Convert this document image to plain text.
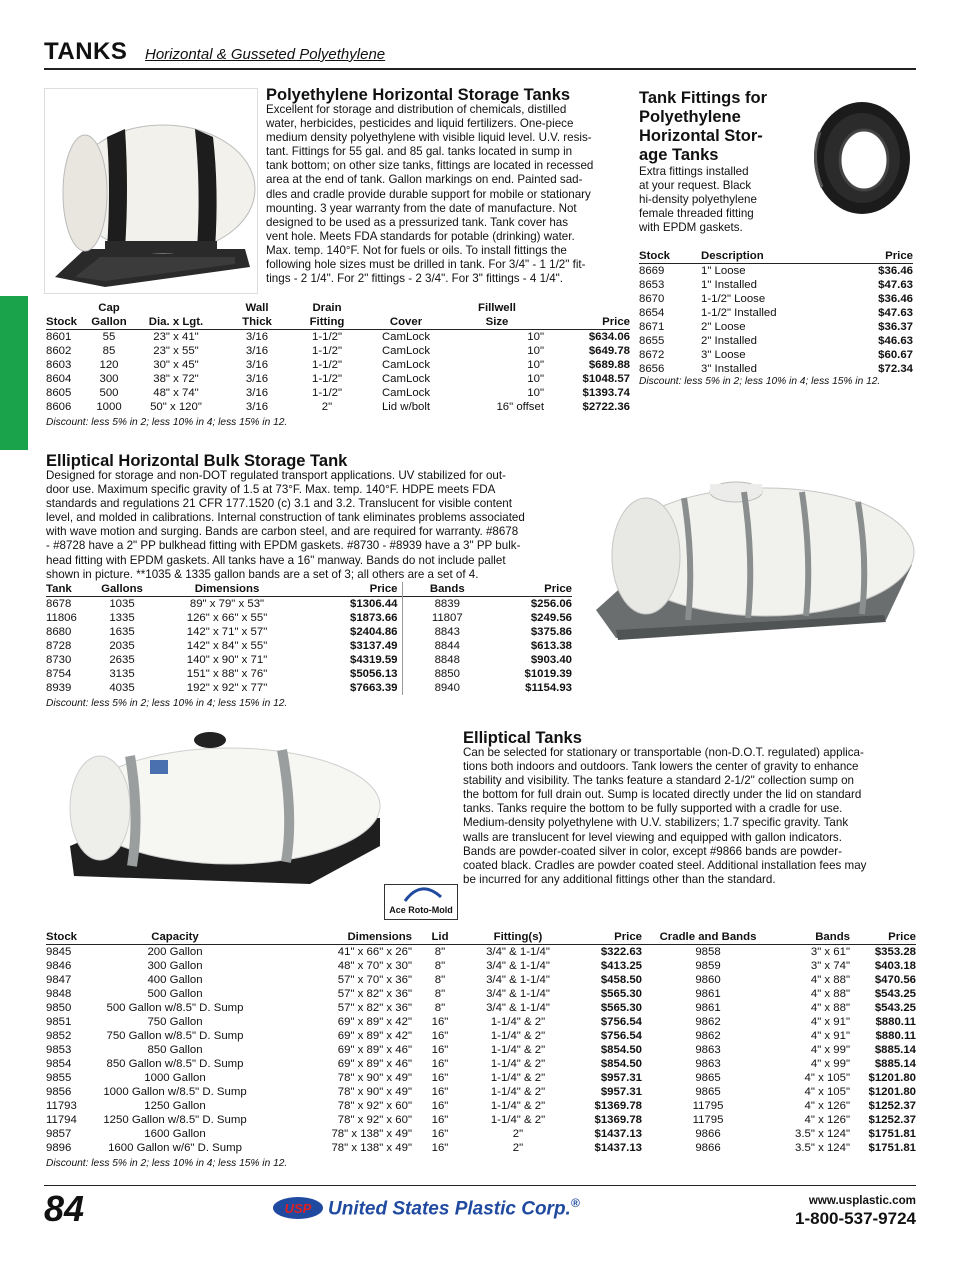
TANKS Horizontal & Gusseted Polyethylene
Polyethylene Horizontal Storage Tanks
Excellent for storage and distribution of chemicals, distilled
water, herbicides, pesticides and liquid fertilizers. One-piece
medium density polyethylene with visible liquid level. U.V. resis-
tant. Fittings for 55 gal. and 85 gal. tanks located in sump in
tank bottom; on other size tanks, fittings are located in recessed
area at the end of tank. Gallon markings on end. Painted sad-
dles and cradle provide durable support for mobile or stationary
mounting. 3 year warranty from the date of manufacture. Not
designed to be used as a pressurized tank. Tank cover has
vent hole. Meets FDA standards for potable (drinking) water.
Max. temp. 140°F. Not for fuels or oils. To install fittings the
following hole sizes must be drilled in tank. For 3/4" - 1 1/2" fit-
tings - 2 1/4". For 2" fittings - 2 3/4". For 3" fittings - 4 1/4".
	Cap		Wall	Drain		Fillwell	
Stock	Gallon	Dia. x Lgt.	Thick	Fitting	Cover	Size	Price
8601	55	23" x 41"	3/16	1-1/2"	CamLock	10"	$634.06
8602	85	23" x 55"	3/16	1-1/2"	CamLock	10"	$649.78
8603	120	30" x 45"	3/16	1-1/2"	CamLock	10"	$689.88
8604	300	38" x 72"	3/16	1-1/2"	CamLock	10"	$1048.57
8605	500	48" x 74"	3/16	1-1/2"	CamLock	10"	$1393.74
8606	1000	50" x 120"	3/16	2"	Lid w/bolt	16" offset	$2722.36
Discount: less 5% in 2; less 10% in 4; less 15% in 12.
Tank Fittings for
Polyethylene
Horizontal Stor-
age Tanks
Extra fittings installed
at your request. Black
hi-density polyethylene
female threaded fitting
with EPDM gaskets.
Stock	Description	Price
8669	1" Loose	$36.46
8653	1" Installed	$47.63
8670	1-1/2" Loose	$36.46
8654	1-1/2" Installed	$47.63
8671	2" Loose	$36.37
8655	2" Installed	$46.63
8672	3" Loose	$60.67
8656	3" Installed	$72.34
Discount: less 5% in 2; less 10% in 4; less 15% in 12.
Elliptical Horizontal Bulk Storage Tank
Designed for storage and non-DOT regulated transport applications. UV stabilized for out-
door use. Maximum specific gravity of 1.5 at 73°F. Max. temp. 140°F. HDPE meets FDA
standards and regulations 21 CFR 177.1520 (c) 3.1 and 3.2. Translucent for visible content
level, and molded in calibrations. Internal construction of tank eliminates problems associated
with wave motion and surging. Bands are carbon steel, and are required for warranty. #8678
- #8728 have a 2" PP bulkhead fitting with EPDM gaskets. #8730 - #8939 have a 3" PP bulk-
head fitting with EPDM gaskets. All tanks have a 16" manway. Bands do not include pallet
shown in picture. **1035 & 1335 gallon bands are a set of 3; all others are a set of 4.
Tank	Gallons	Dimensions	Price	Bands	Price
8678	1035	89" x 79" x 53"	$1306.44	8839	$256.06
11806	1335	126" x 66" x 55"	$1873.66	11807	$249.56
8680	1635	142" x 71" x 57"	$2404.86	8843	$375.86
8728	2035	142" x 84" x 55"	$3137.49	8844	$613.38
8730	2635	140" x 90" x 71"	$4319.59	8848	$903.40
8754	3135	151" x 88" x 76"	$5056.13	8850	$1019.39
8939	4035	192" x 92" x 77"	$7663.39	8940	$1154.93
Discount: less 5% in 2; less 10% in 4; less 15% in 12.
Ace Roto-Mold
Elliptical Tanks
Can be selected for stationary or transportable (non-D.O.T. regulated) applica-
tions both indoors and outdoors. Tank lowers the center of gravity to enhance
stability and visibility. The tanks feature a standard 2-1/2" collection sump on
the bottom for full drain out. Sump is located directly under the lid on standard
tanks. Tanks require the bottom to be fully supported with a cradle for use.
Medium-density polyethylene with U.V. stabilizers; 1.7 specific gravity. Tank
walls are translucent for level viewing and equipped with gallon indicators.
Bands are powder-coated silver in color, except #9866 bands are powder-
coated black. Cradles are powder coated steel. Additional installation fees may
be incurred for any additional fittings other than the standard.
Stock	Capacity	Dimensions	Lid	Fitting(s)	Price	Cradle and Bands	Bands	Price
9845	200 Gallon	41" x 66" x 26"	8"	3/4" & 1-1/4"	$322.63	9858	3" x 61"	$353.28
9846	300 Gallon	48" x 70" x 30"	8"	3/4" & 1-1/4"	$413.25	9859	3" x 74"	$403.18
9847	400 Gallon	57" x 70" x 36"	8"	3/4" & 1-1/4"	$458.50	9860	4" x 88"	$470.56
9848	500 Gallon	57" x 82" x 36"	8"	3/4" & 1-1/4"	$565.30	9861	4" x 88"	$543.25
9850	500 Gallon w/8.5" D. Sump	57" x 82" x 36"	8"	3/4" & 1-1/4"	$565.30	9861	4" x 88"	$543.25
9851	750 Gallon	69" x 89" x 42"	16"	1-1/4" & 2"	$756.54	9862	4" x 91"	$880.11
9852	750 Gallon w/8.5" D. Sump	69" x 89" x 42"	16"	1-1/4" & 2"	$756.54	9862	4" x 91"	$880.11
9853	850 Gallon	69" x 89" x 46"	16"	1-1/4" & 2"	$854.50	9863	4" x 99"	$885.14
9854	850 Gallon w/8.5" D. Sump	69" x 89" x 46"	16"	1-1/4" & 2"	$854.50	9863	4" x 99"	$885.14
9855	1000 Gallon	78" x 90" x 49"	16"	1-1/4" & 2"	$957.31	9865	4" x 105"	$1201.80
9856	1000 Gallon w/8.5" D. Sump	78" x 90" x 49"	16"	1-1/4" & 2"	$957.31	9865	4" x 105"	$1201.80
11793	1250 Gallon	78" x 92" x 60"	16"	1-1/4" & 2"	$1369.78	11795	4" x 126"	$1252.37
11794	1250 Gallon w/8.5" D. Sump	78" x 92" x 60"	16"	1-1/4" & 2"	$1369.78	11795	4" x 126"	$1252.37
9857	1600 Gallon	78" x 138" x 49"	16"	2"	$1437.13	9866	3.5" x 124"	$1751.81
9896	1600 Gallon w/6" D. Sump	78" x 138" x 49"	16"	2"	$1437.13	9866	3.5" x 124"	$1751.81
Discount: less 5% in 2; less 10% in 4; less 15% in 12.
84	USP United States Plastic Corp.®	www.usplastic.com
1-800-537-9724
